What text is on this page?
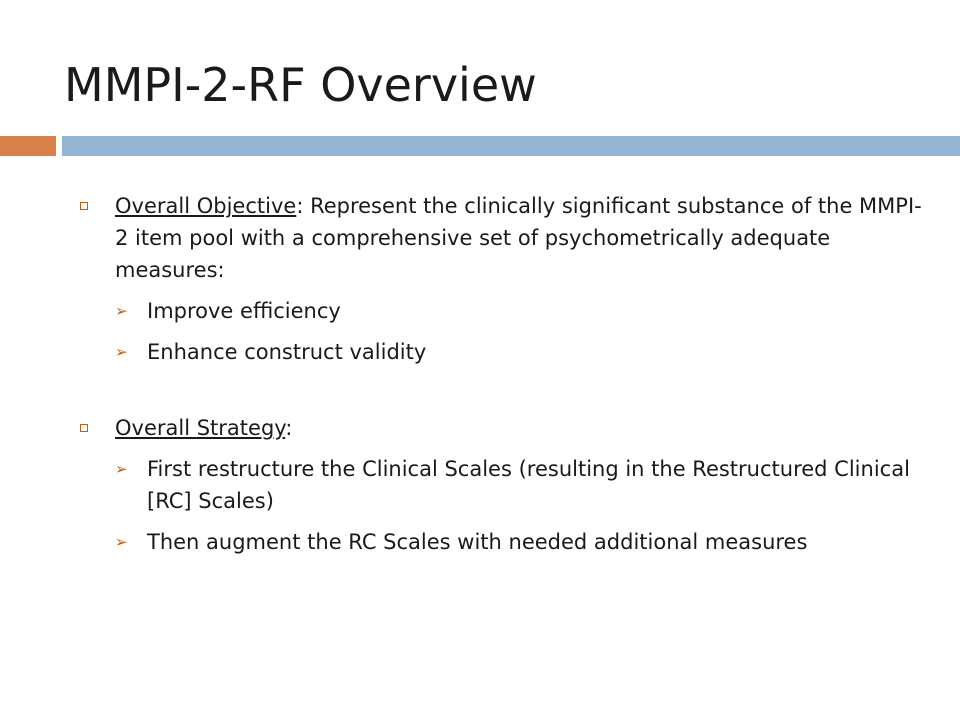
MMPI-2-RF Overview
Overall Objective: Represent the clinically significant substance of the MMPI-2 item pool with a comprehensive set of psychometrically adequate measures:
➢ Improve efficiency
➢ Enhance construct validity
Overall Strategy:
➢ First restructure the Clinical Scales (resulting in the Restructured Clinical [RC] Scales)
➢ Then augment the RC Scales with needed additional measures
